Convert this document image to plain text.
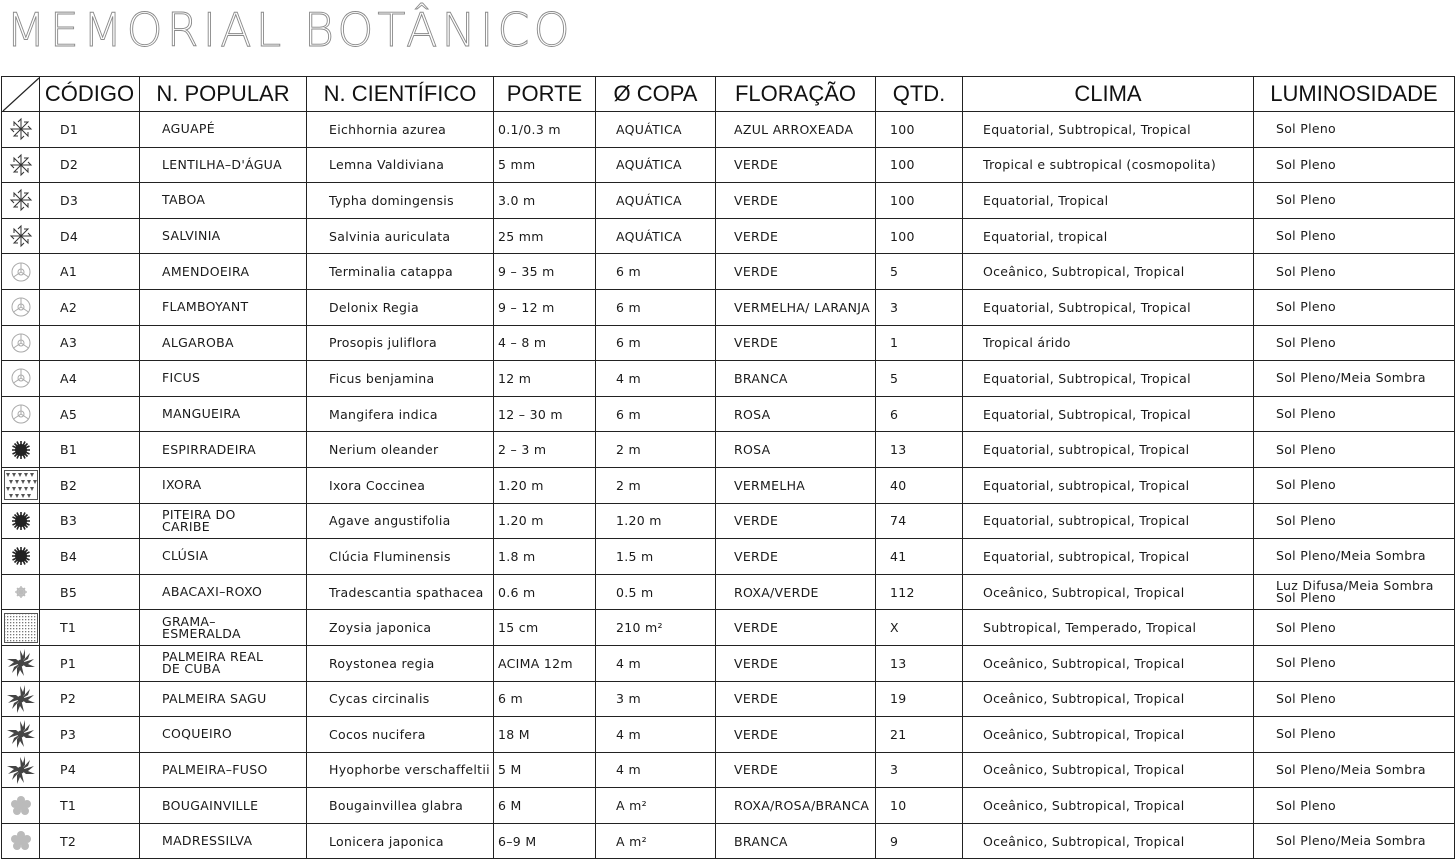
MEMORIAL BOTÂNICO
	CÓDIGO	N. POPULAR	N. CIENTÍFICO	PORTE	Ø COPA	FLORAÇÃO	QTD.	CLIMA	LUMINOSIDADE

	D1	AGUAPÉ	Eichhornia azurea	0.1/0.3 m	AQUÁTICA	AZUL ARROXEADA	100	Equatorial, Subtropical, Tropical	Sol Pleno

	D2	LENTILHA–D'ÁGUA	Lemna Valdiviana	5 mm	AQUÁTICA	VERDE	100	Tropical e subtropical (cosmopolita)	Sol Pleno

	D3	TABOA	Typha domingensis	3.0 m	AQUÁTICA	VERDE	100	Equatorial, Tropical	Sol Pleno

	D4	SALVINIA	Salvinia auriculata	25 mm	AQUÁTICA	VERDE	100	Equatorial, tropical	Sol Pleno

	A1	AMENDOEIRA	Terminalia catappa	9 – 35 m	6 m	VERDE	5	Oceânico, Subtropical, Tropical	Sol Pleno

	A2	FLAMBOYANT	Delonix Regia	9 – 12 m	6 m	VERMELHA/ LARANJA	3	Equatorial, Subtropical, Tropical	Sol Pleno

	A3	ALGAROBA	Prosopis juliflora	4 – 8 m	6 m	VERDE	1	Tropical árido	Sol Pleno

	A4	FICUS	Ficus benjamina	12 m	4 m	BRANCA	5	Equatorial, Subtropical, Tropical	Sol Pleno/Meia Sombra

	A5	MANGUEIRA	Mangifera indica	12 – 30 m	6 m	ROSA	6	Equatorial, Subtropical, Tropical	Sol Pleno

	B1	ESPIRRADEIRA	Nerium oleander	2 – 3 m	2 m	ROSA	13	Equatorial, subtropical, Tropical	Sol Pleno

	B2	IXORA	Ixora Coccinea	1.20 m	2 m	VERMELHA	40	Equatorial, subtropical, Tropical	Sol Pleno

	B3	PITEIRA DO CARIBE	Agave angustifolia	1.20 m	1.20 m	VERDE	74	Equatorial, subtropical, Tropical	Sol Pleno

	B4	CLÚSIA	Clúcia Fluminensis	1.8 m	1.5 m	VERDE	41	Equatorial, subtropical, Tropical	Sol Pleno/Meia Sombra

	B5	ABACAXI–ROXO	Tradescantia spathacea	0.6 m	0.5 m	ROXA/VERDE	112	Oceânico, Subtropical, Tropical	Luz Difusa/Meia Sombra Sol Pleno

	T1	GRAMA–ESMERALDA	Zoysia japonica	15 cm	210 m²	VERDE	X	Subtropical, Temperado, Tropical	Sol Pleno

	P1	PALMEIRA REAL DE CUBA	Roystonea regia	ACIMA 12m	4 m	VERDE	13	Oceânico, Subtropical, Tropical	Sol Pleno

	P2	PALMEIRA SAGU	Cycas circinalis	6 m	3 m	VERDE	19	Oceânico, Subtropical, Tropical	Sol Pleno

	P3	COQUEIRO	Cocos nucifera	18 M	4 m	VERDE	21	Oceânico, Subtropical, Tropical	Sol Pleno

	P4	PALMEIRA–FUSO	Hyophorbe verschaffeltii	5 M	4 m	VERDE	3	Oceânico, Subtropical, Tropical	Sol Pleno/Meia Sombra

	T1	BOUGAINVILLE	Bougainvillea glabra	6 M	A m²	ROXA/ROSA/BRANCA	10	Oceânico, Subtropical, Tropical	Sol Pleno

	T2	MADRESSILVA	Lonicera japonica	6–9 M	A m²	BRANCA	9	Oceânico, Subtropical, Tropical	Sol Pleno/Meia Sombra
